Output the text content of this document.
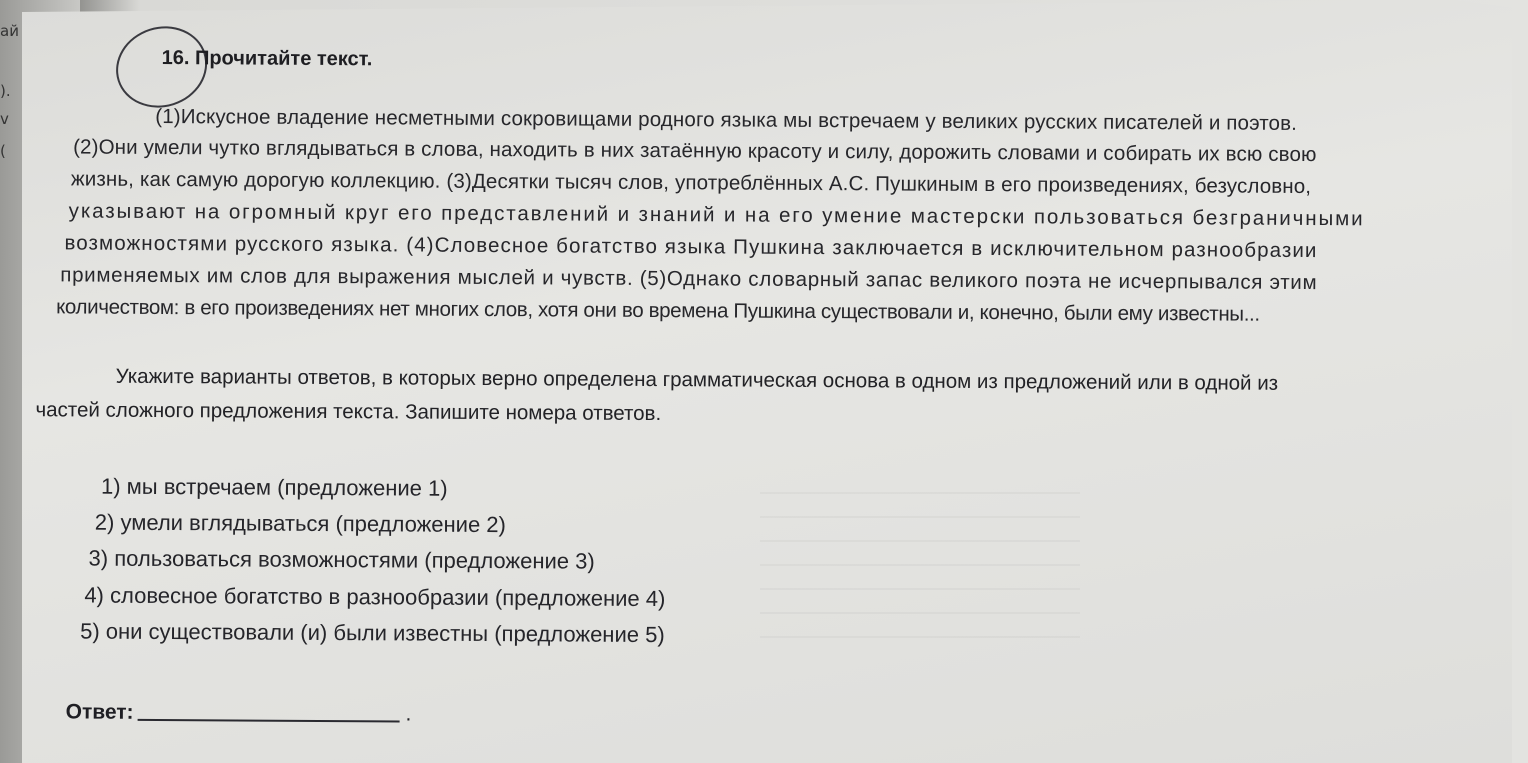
ай
).
v
(
16. Прочитайте текст.
(1)Искусное владение несметными сокровищами родного языка мы встречаем у великих русских писателей и поэтов.
(2)Они умели чутко вглядываться в слова, находить в них затаённую красоту и силу, дорожить словами и собирать их всю свою
жизнь, как самую дорогую коллекцию. (3)Десятки тысяч слов, употреблённых А.С. Пушкиным в его произведениях, безусловно,
указывают на огромный круг его представлений и знаний и на его умение мастерски пользоваться безграничными
возможностями русского языка. (4)Словесное богатство языка Пушкина заключается в исключительном разнообразии
применяемых им слов для выражения мыслей и чувств. (5)Однако словарный запас великого поэта не исчерпывался этим
количеством: в его произведениях нет многих слов, хотя они во времена Пушкина существовали и, конечно, были ему известны...
Укажите варианты ответов, в которых верно определена грамматическая основа в одном из предложений или в одной из
частей сложного предложения текста. Запишите номера ответов.
1) мы встречаем (предложение 1)
2) умели вглядываться (предложение 2)
3) пользоваться возможностями (предложение 3)
4) словесное богатство в разнообразии (предложение 4)
5) они существовали (и) были известны (предложение 5)
Ответ:	.
